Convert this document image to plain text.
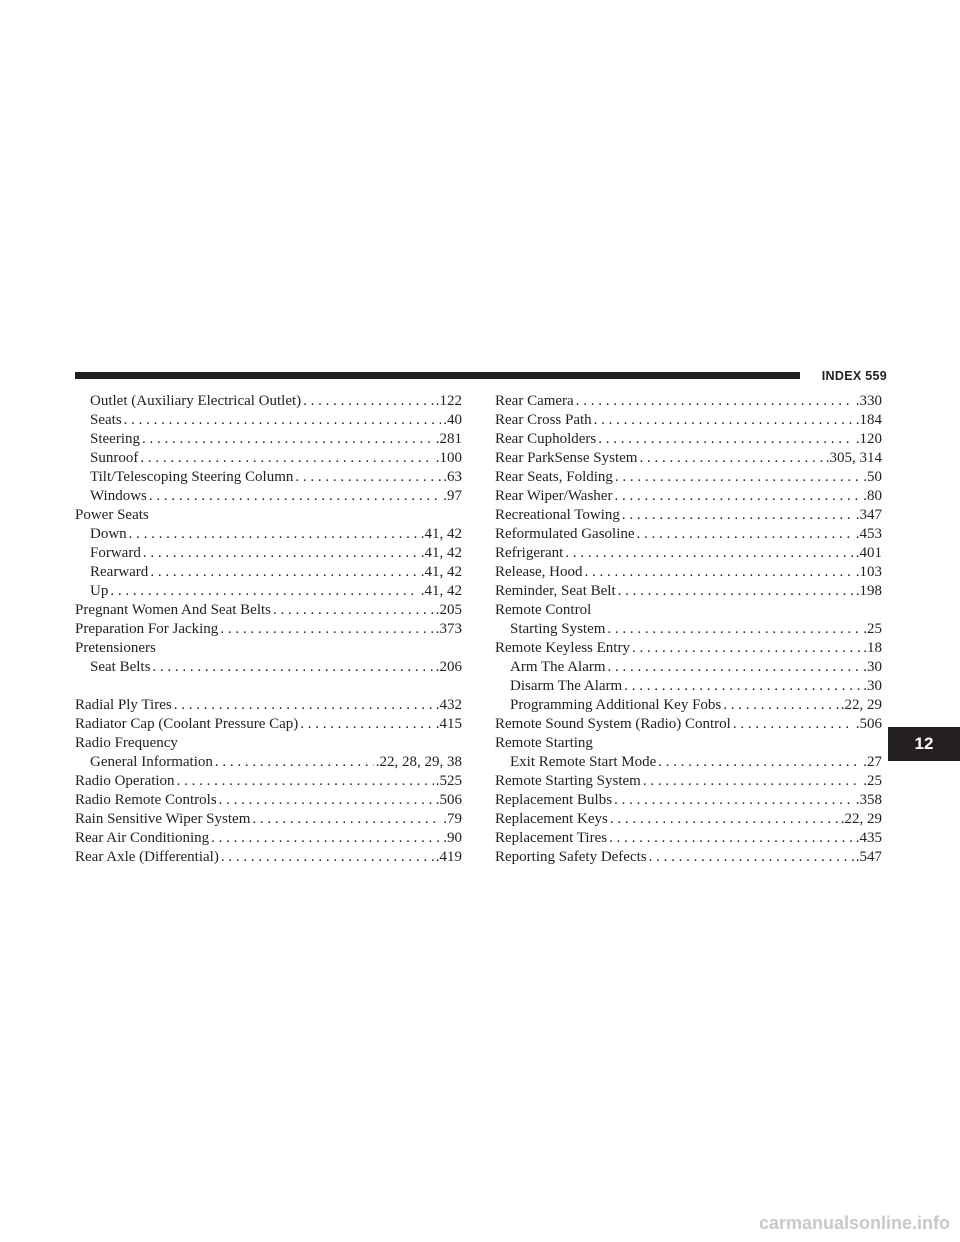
INDEX 559
Outlet (Auxiliary Electrical Outlet) . . .	.122
Seats . . .	.40
Steering . . .	.281
Sunroof . . .	.100
Tilt/Telescoping Steering Column . . .	.63
Windows . . .	.97
Power Seats
Down . . .	.41, 42
Forward . . .	.41, 42
Rearward . . .	.41, 42
Up . . .	.41, 42
Pregnant Women And Seat Belts . . .	.205
Preparation For Jacking . . .	.373
Pretensioners
Seat Belts . . .	.206
Radial Ply Tires . . .	.432
Radiator Cap (Coolant Pressure Cap) . . .	.415
Radio Frequency
General Information . . .	.22, 28, 29, 38
Radio Operation . . .	.525
Radio Remote Controls . . .	.506
Rain Sensitive Wiper System . . .	.79
Rear Air Conditioning . . .	.90
Rear Axle (Differential) . . .	.419
Rear Camera . . .	.330
Rear Cross Path . . .	.184
Rear Cupholders . . .	.120
Rear ParkSense System . . .	.305, 314
Rear Seats, Folding . . .	.50
Rear Wiper/Washer . . .	.80
Recreational Towing . . .	.347
Reformulated Gasoline . . .	.453
Refrigerant . . .	.401
Release, Hood . . .	.103
Reminder, Seat Belt . . .	.198
Remote Control
Starting System . . .	.25
Remote Keyless Entry . . .	.18
Arm The Alarm . . .	.30
Disarm The Alarm . . .	.30
Programming Additional Key Fobs . . .	.22, 29
Remote Sound System (Radio) Control . . .	.506
Remote Starting
Exit Remote Start Mode . . .	.27
Remote Starting System . . .	.25
Replacement Bulbs . . .	.358
Replacement Keys . . .	.22, 29
Replacement Tires . . .	.435
Reporting Safety Defects . . .	.547
12
carmanualsonline.info
